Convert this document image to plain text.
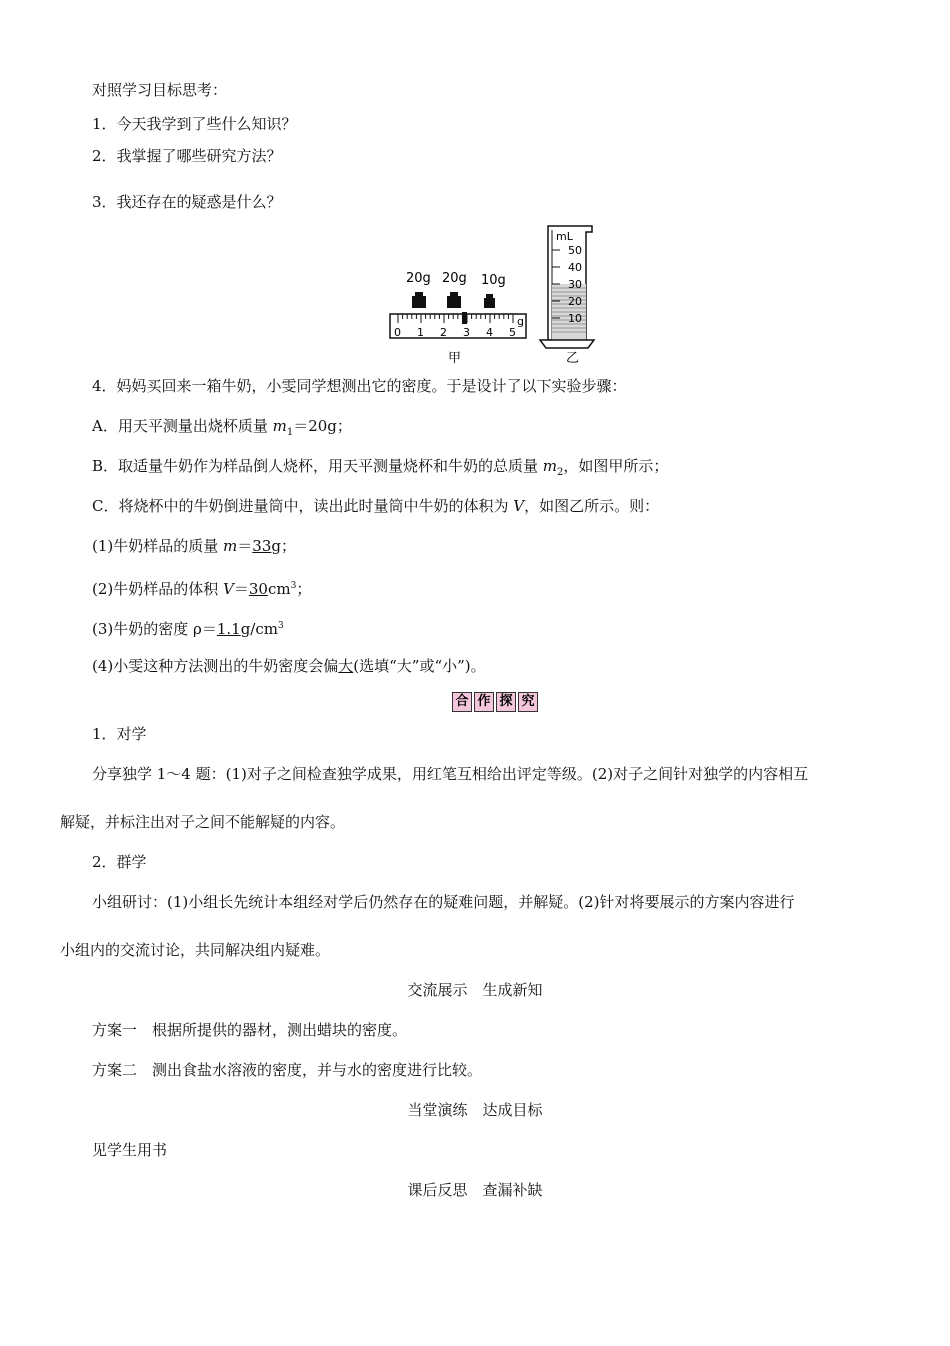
对照学习目标思考：
1．今天我学到了些什么知识？
2．我掌握了哪些研究方法？
3．我还存在的疑惑是什么？
20g 20g 10g
0 1 2 3 4 5
g
甲
mL
50
40
30
20
10
乙
4．妈妈买回来一箱牛奶，小雯同学想测出它的密度。于是设计了以下实验步骤：
A．用天平测量出烧杯质量 $m_1=20g$；
B．取适量牛奶作为样品倒人烧杯，用天平测量烧杯和牛奶的总质量 $m_2$，如图甲所示；
C．将烧杯中的牛奶倒进量筒中，读出此时量筒中牛奶的体积为 V，如图乙所示。则：
(1)牛奶样品的质量 m＝33g；
(2)牛奶样品的体积 $V=30cm^3$；
(3)牛奶的密度 $\rho=1.1g/cm^3$
(4)小雯这种方法测出的牛奶密度会偏大(选填“大”或“小”)。
合 作 探 究
1．对学
分享独学 1～4 题：(1)对子之间检查独学成果，用红笔互相给出评定等级。(2)对子之间针对独学的内容相互
解疑，并标注出对子之间不能解疑的内容。
2．群学
小组研讨：(1)小组长先统计本组经对学后仍然存在的疑难问题，并解疑。(2)针对将要展示的方案内容进行
小组内的交流讨论，共同解决组内疑难。
交流展示　生成新知
方案一　根据所提供的器材，测出蜡块的密度。
方案二　测出食盐水溶液的密度，并与水的密度进行比较。
当堂演练　达成目标
见学生用书
课后反思　查漏补缺
